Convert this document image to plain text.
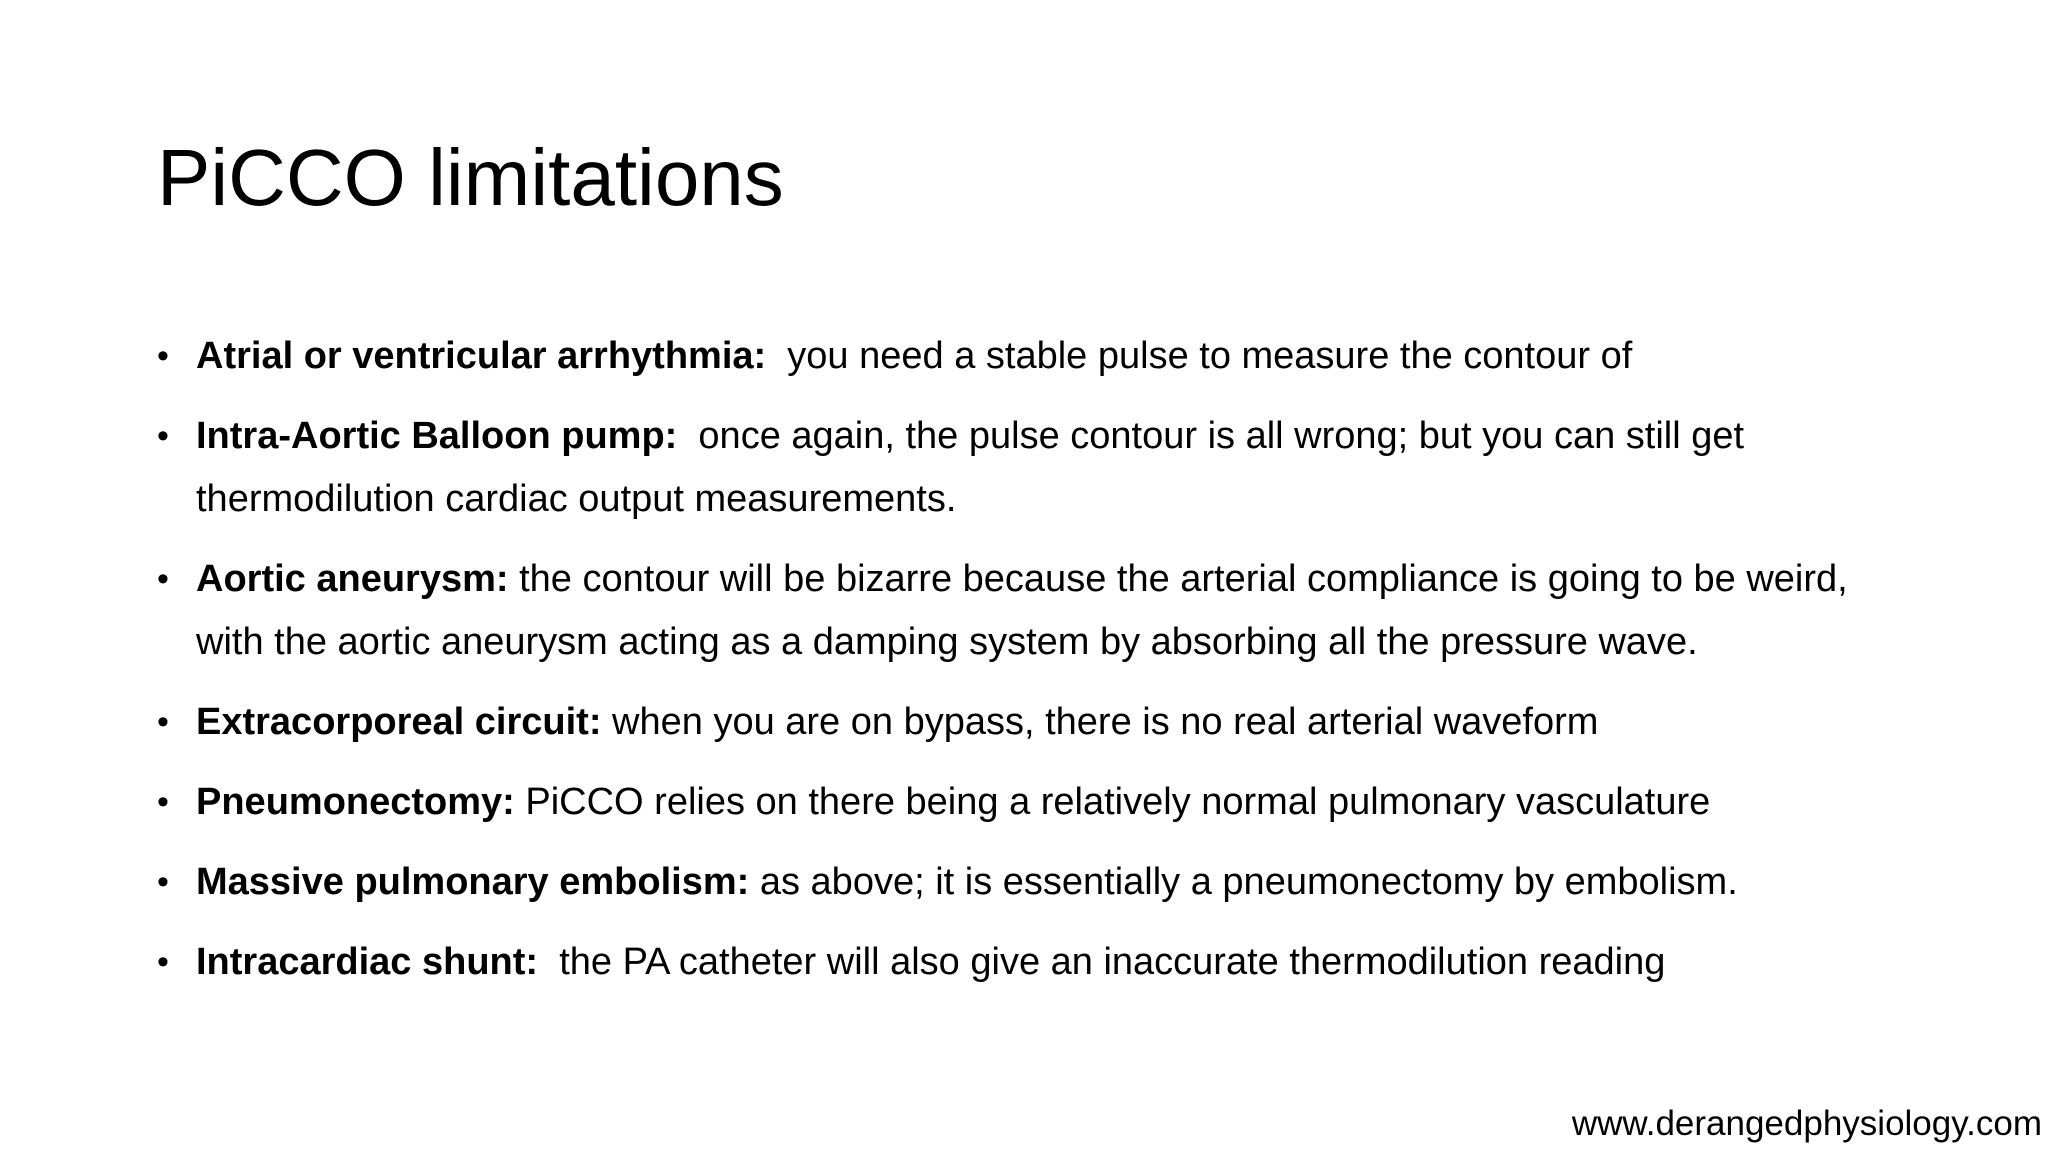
PiCCO limitations
• Atrial or ventricular arrhythmia:  you need a stable pulse to measure the contour of
• Intra-Aortic Balloon pump:  once again, the pulse contour is all wrong; but you can still get thermodilution cardiac output measurements.
• Aortic aneurysm: the contour will be bizarre because the arterial compliance is going to be weird, with the aortic aneurysm acting as a damping system by absorbing all the pressure wave.
• Extracorporeal circuit: when you are on bypass, there is no real arterial waveform
• Pneumonectomy: PiCCO relies on there being a relatively normal pulmonary vasculature
• Massive pulmonary embolism: as above; it is essentially a pneumonectomy by embolism.
• Intracardiac shunt:  the PA catheter will also give an inaccurate thermodilution reading

www.derangedphysiology.com
